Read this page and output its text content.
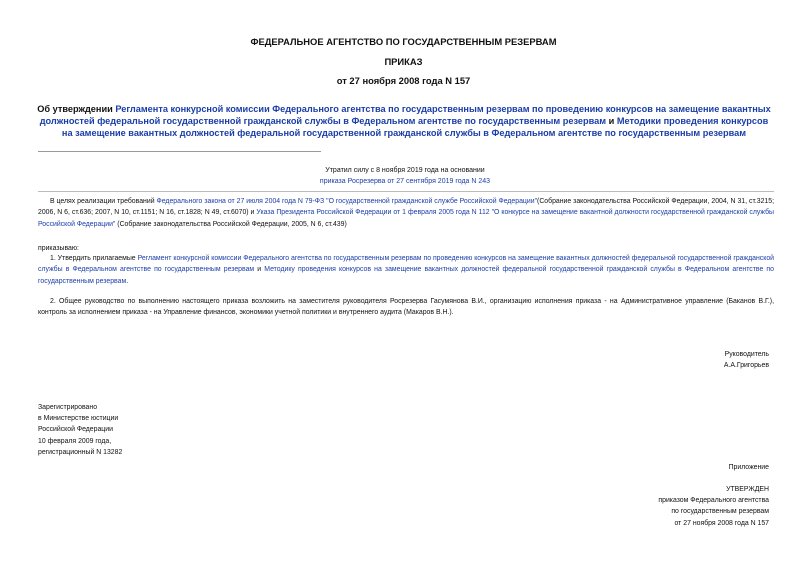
ФЕДЕРАЛЬНОЕ АГЕНТСТВО ПО ГОСУДАРСТВЕННЫМ РЕЗЕРВАМ
ПРИКАЗ
от 27 ноября 2008 года N 157
Об утверждении Регламента конкурсной комиссии Федерального агентства по государственным резервам по проведению конкурсов на замещение вакантных должностей федеральной государственной гражданской службы в Федеральном агентстве по государственным резервам и Методики проведения конкурсов на замещение вакантных должностей федеральной государственной гражданской службы в Федеральном агентстве по государственным резервам
Утратил силу с 8 ноября 2019 года на основании
приказа Росрезерва от 27 сентября 2019 года N 243
В целях реализации требований Федерального закона от 27 июля 2004 года N 79-ФЗ "О государственной гражданской службе Российской Федерации"(Собрание законодательства Российской Федерации, 2004, N 31, ст.3215; 2006, N 6, ст.636; 2007, N 10, ст.1151; N 16, ст.1828; N 49, ст.6070) и Указа Президента Российской Федерации от 1 февраля 2005 года N 112 "О конкурсе на замещение вакантной должности государственной гражданской службы Российской Федерации" (Собрание законодательства Российской Федерации, 2005, N 6, ст.439)
приказываю:
1. Утвердить прилагаемые Регламент конкурсной комиссии Федерального агентства по государственным резервам по проведению конкурсов на замещение вакантных должностей федеральной государственной гражданской службы в Федеральном агентстве по государственным резервам и Методику проведения конкурсов на замещение вакантных должностей федеральной государственной гражданской службы в Федеральном агентстве по государственным резервам.
2. Общее руководство по выполнению настоящего приказа возложить на заместителя руководителя Росрезерва Гасумянова В.И., организацию исполнения приказа - на Административное управление (Баканов В.Г.), контроль за исполнением приказа - на Управление финансов, экономики учетной политики и внутреннего аудита (Макаров В.Н.).
Руководитель
А.А.Григорьев
Зарегистрировано
в Министерстве юстиции
Российской Федерации
10 февраля 2009 года,
регистрационный N 13282
Приложение
УТВЕРЖДЕН
приказом Федерального агентства
по государственным резервам
от 27 ноября 2008 года N 157
